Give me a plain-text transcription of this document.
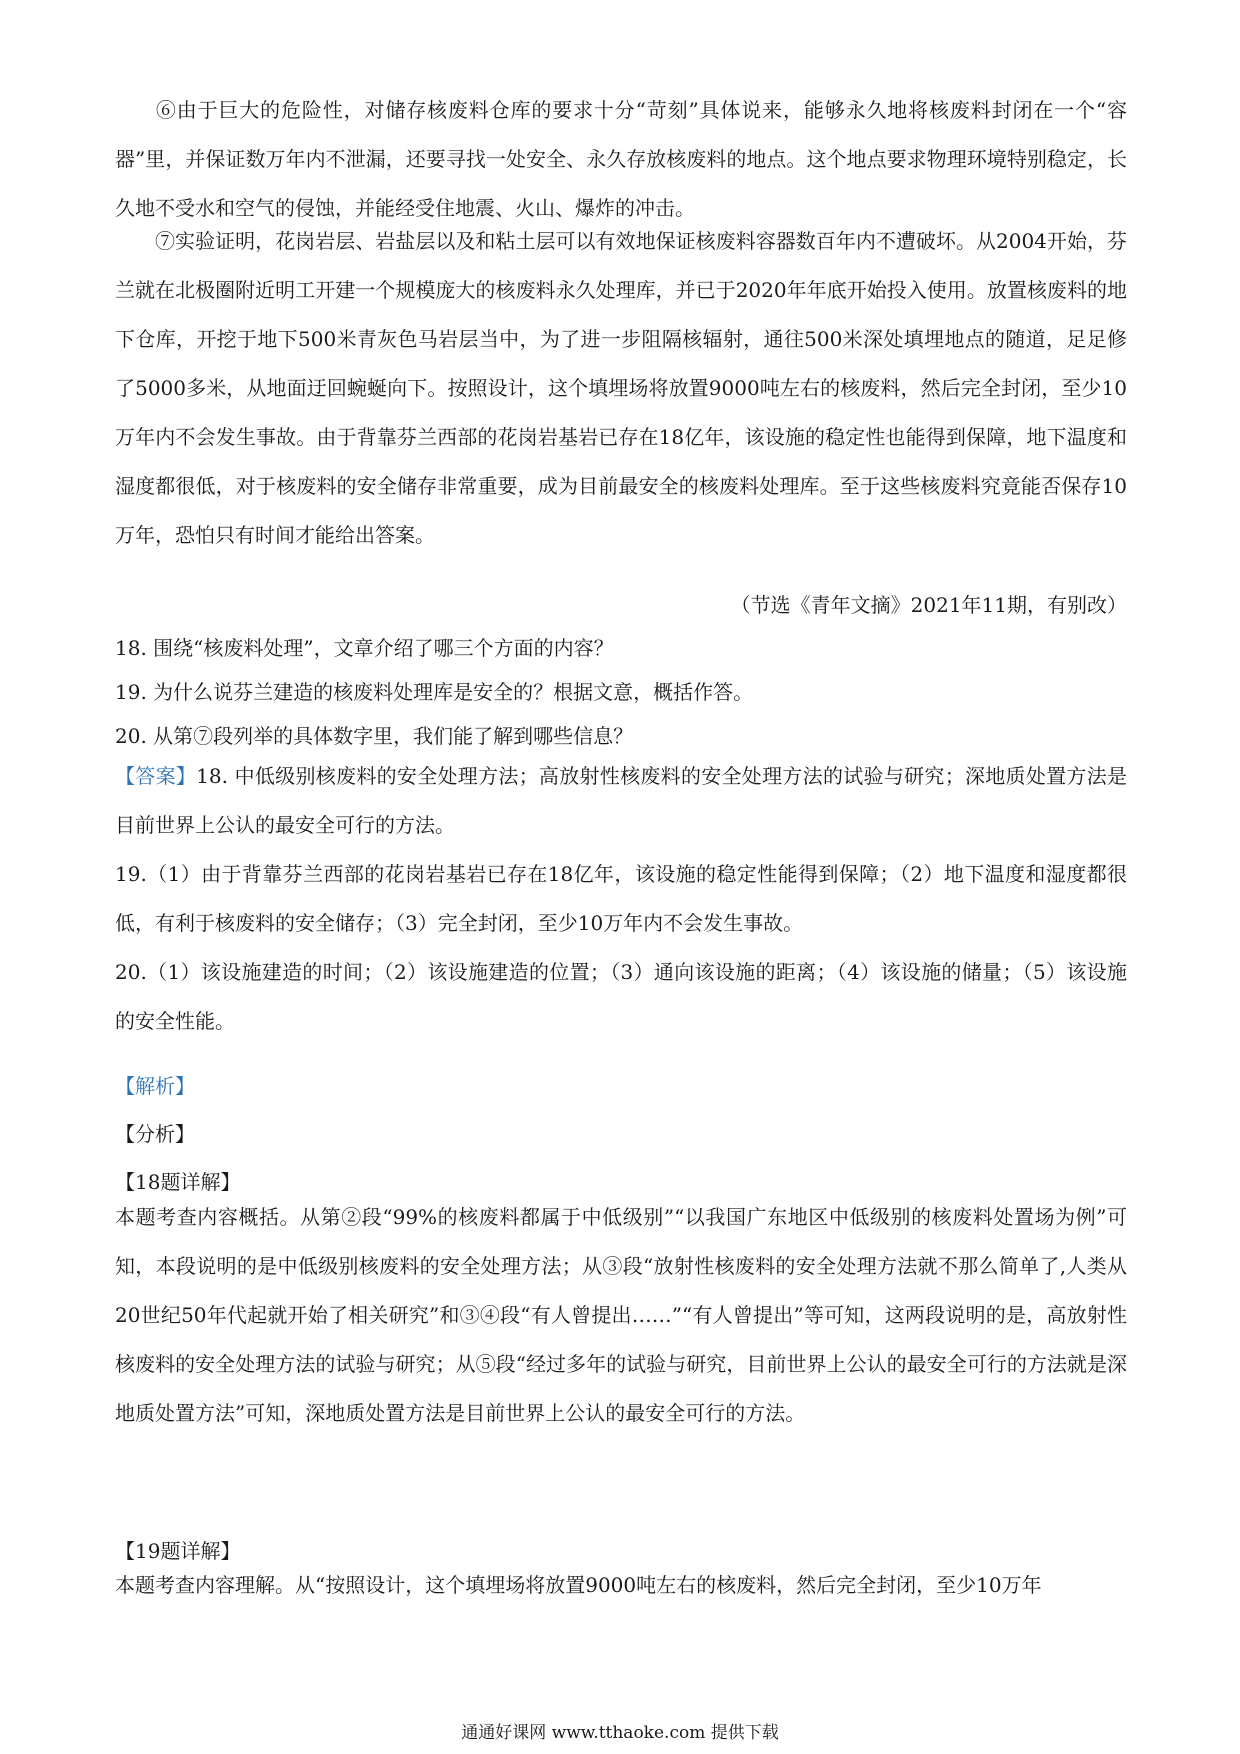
⑥由于巨大的危险性，对储存核废料仓库的要求十分“苛刻”具体说来，能够永久地将核废料封闭在一个“容器”里，并保证数万年内不泄漏，还要寻找一处安全、永久存放核废料的地点。这个地点要求物理环境特别稳定，长久地不受水和空气的侵蚀，并能经受住地震、火山、爆炸的冲击。
⑦实验证明，花岗岩层、岩盐层以及和粘土层可以有效地保证核废料容器数百年内不遭破坏。从2004开始，芬兰就在北极圈附近明工开建一个规模庞大的核废料永久处理库，并已于2020年年底开始投入使用。放置核废料的地下仓库，开挖于地下500米青灰色马岩层当中，为了进一步阻隔核辐射，通往500米深处填埋地点的随道，足足修了5000多米，从地面迂回蜿蜒向下。按照设计，这个填埋场将放置9000吨左右的核废料，然后完全封闭，至少10万年内不会发生事故。由于背靠芬兰西部的花岗岩基岩已存在18亿年，该设施的稳定性也能得到保障，地下温度和湿度都很低，对于核废料的安全储存非常重要，成为目前最安全的核废料处理库。至于这些核废料究竟能否保存10万年，恐怕只有时间才能给出答案。
（节选《青年文摘》2021年11期，有别改）
18. 围绕“核废料处理”，文章介绍了哪三个方面的内容？
19. 为什么说芬兰建造的核废料处理库是安全的？根据文意，概括作答。
20. 从第⑦段列举的具体数字里，我们能了解到哪些信息？
【答案】18. 中低级别核废料的安全处理方法；高放射性核废料的安全处理方法的试验与研究；深地质处置方法是目前世界上公认的最安全可行的方法。
19.（1）由于背靠芬兰西部的花岗岩基岩已存在18亿年，该设施的稳定性能得到保障；（2）地下温度和湿度都很低，有利于核废料的安全储存；（3）完全封闭，至少10万年内不会发生事故。
20.（1）该设施建造的时间；（2）该设施建造的位置；（3）通向该设施的距离；（4）该设施的储量；（5）该设施的安全性能。
【解析】
【分析】
【18题详解】
本题考查内容概括。从第②段“99%的核废料都属于中低级别”“以我国广东地区中低级别的核废料处置场为例”可知，本段说明的是中低级别核废料的安全处理方法；从③段“放射性核废料的安全处理方法就不那么简单了,人类从20世纪50年代起就开始了相关研究”和③④段“有人曾提出……”“有人曾提出”等可知，这两段说明的是，高放射性核废料的安全处理方法的试验与研究；从⑤段“经过多年的试验与研究，目前世界上公认的最安全可行的方法就是深地质处置方法”可知，深地质处置方法是目前世界上公认的最安全可行的方法。
【19题详解】
本题考查内容理解。从“按照设计，这个填埋场将放置9000吨左右的核废料，然后完全封闭，至少10万年
通通好课网 www.tthaoke.com 提供下载
